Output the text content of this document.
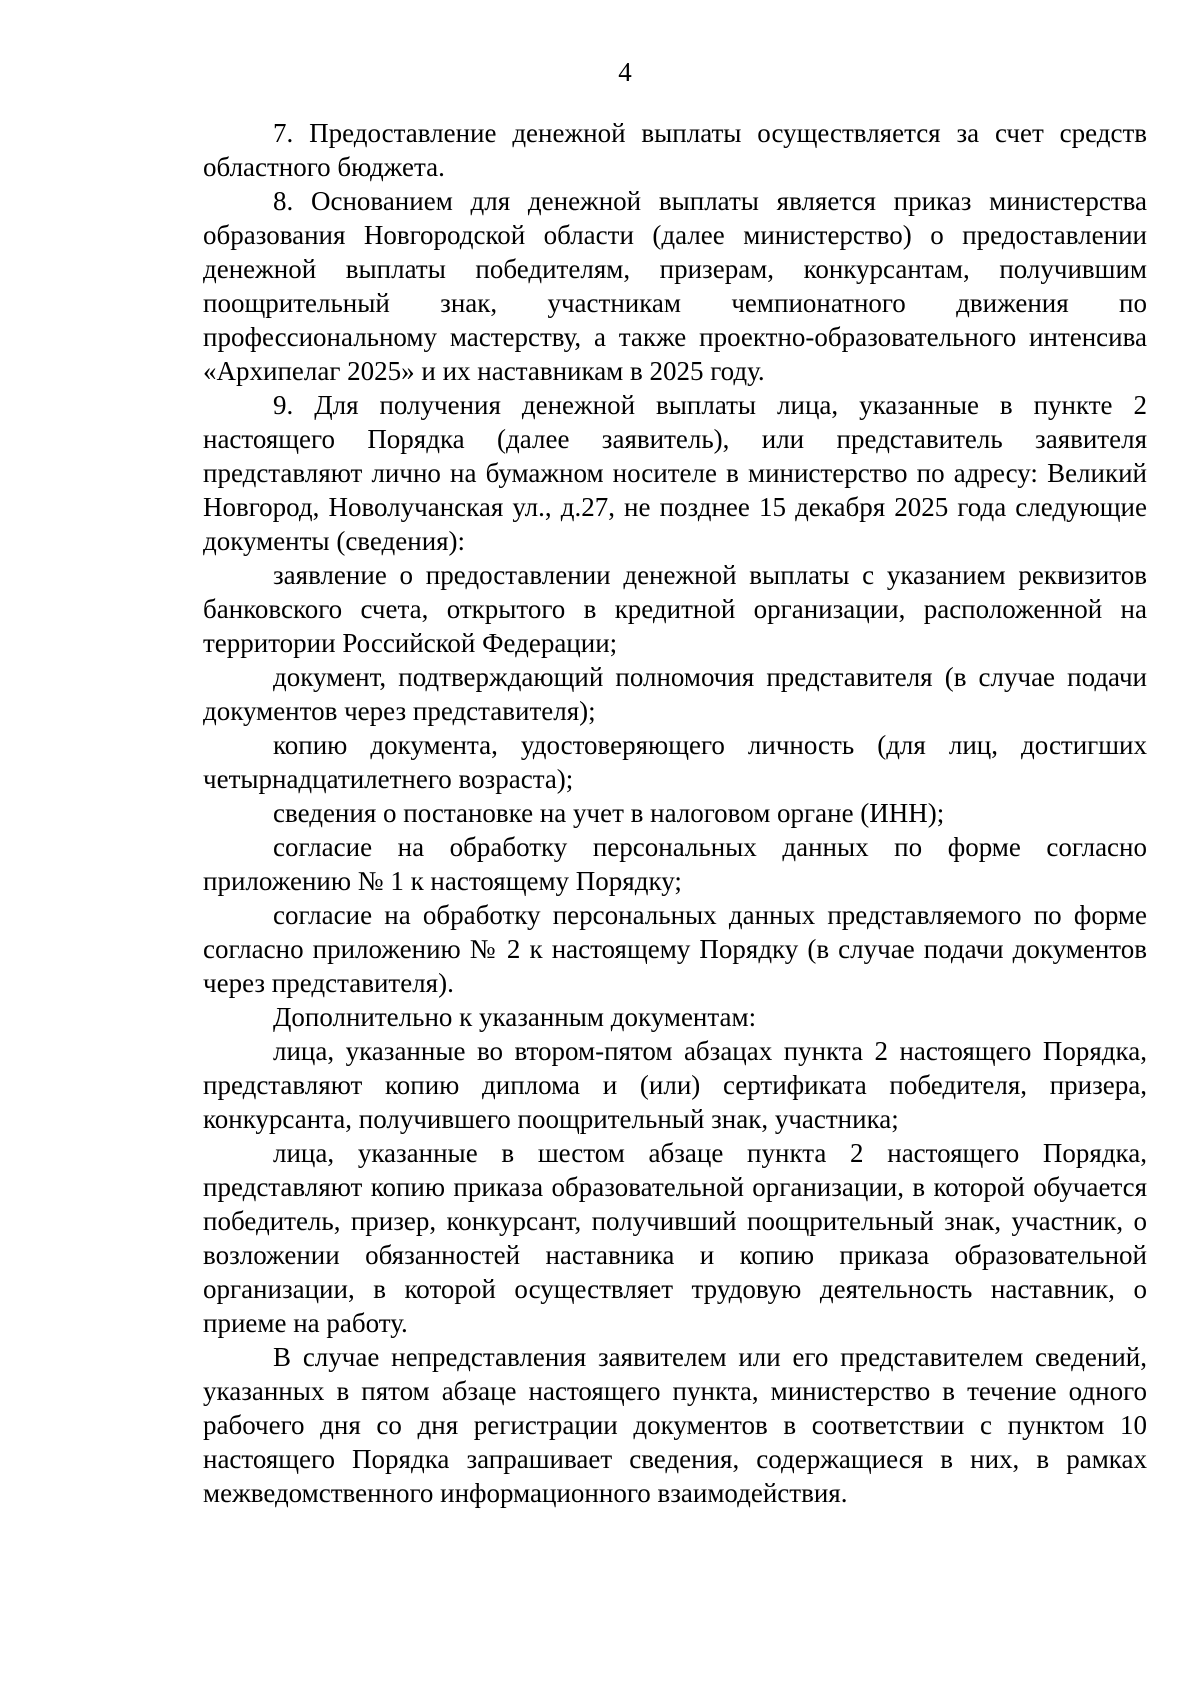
4

7. Предоставление денежной выплаты осуществляется за счет средств областного бюджета.

8. Основанием для денежной выплаты является приказ министерства образования Новгородской области (далее министерство) о предоставлении денежной выплаты победителям, призерам, конкурсантам, получившим поощрительный знак, участникам чемпионатного движения по профессиональному мастерству, а также проектно-образовательного интенсива «Архипелаг 2025» и их наставникам в 2025 году.

9. Для получения денежной выплаты лица, указанные в пункте 2 настоящего Порядка (далее заявитель), или представитель заявителя представляют лично на бумажном носителе в министерство по адресу: Великий Новгород, Новолучанская ул., д.27, не позднее 15 декабря 2025 года следующие документы (сведения):

заявление о предоставлении денежной выплаты с указанием реквизитов банковского счета, открытого в кредитной организации, расположенной на территории Российской Федерации;

документ, подтверждающий полномочия представителя (в случае подачи документов через представителя);

копию документа, удостоверяющего личность (для лиц, достигших четырнадцатилетнего возраста);

сведения о постановке на учет в налоговом органе (ИНН);

согласие на обработку персональных данных по форме согласно приложению № 1 к настоящему Порядку;

согласие на обработку персональных данных представляемого по форме согласно приложению № 2 к настоящему Порядку (в случае подачи документов через представителя).

Дополнительно к указанным документам:

лица, указанные во втором-пятом абзацах пункта 2 настоящего Порядка, представляют копию диплома и (или) сертификата победителя, призера, конкурсанта, получившего поощрительный знак, участника;

лица, указанные в шестом абзаце пункта 2 настоящего Порядка, представляют копию приказа образовательной организации, в которой обучается победитель, призер, конкурсант, получивший поощрительный знак, участник, о возложении обязанностей наставника и копию приказа образовательной организации, в которой осуществляет трудовую деятельность наставник, о приеме на работу.

В случае непредставления заявителем или его представителем сведений, указанных в пятом абзаце настоящего пункта, министерство в течение одного рабочего дня со дня регистрации документов в соответствии с пунктом 10 настоящего Порядка запрашивает сведения, содержащиеся в них, в рамках межведомственного информационного взаимодействия.
